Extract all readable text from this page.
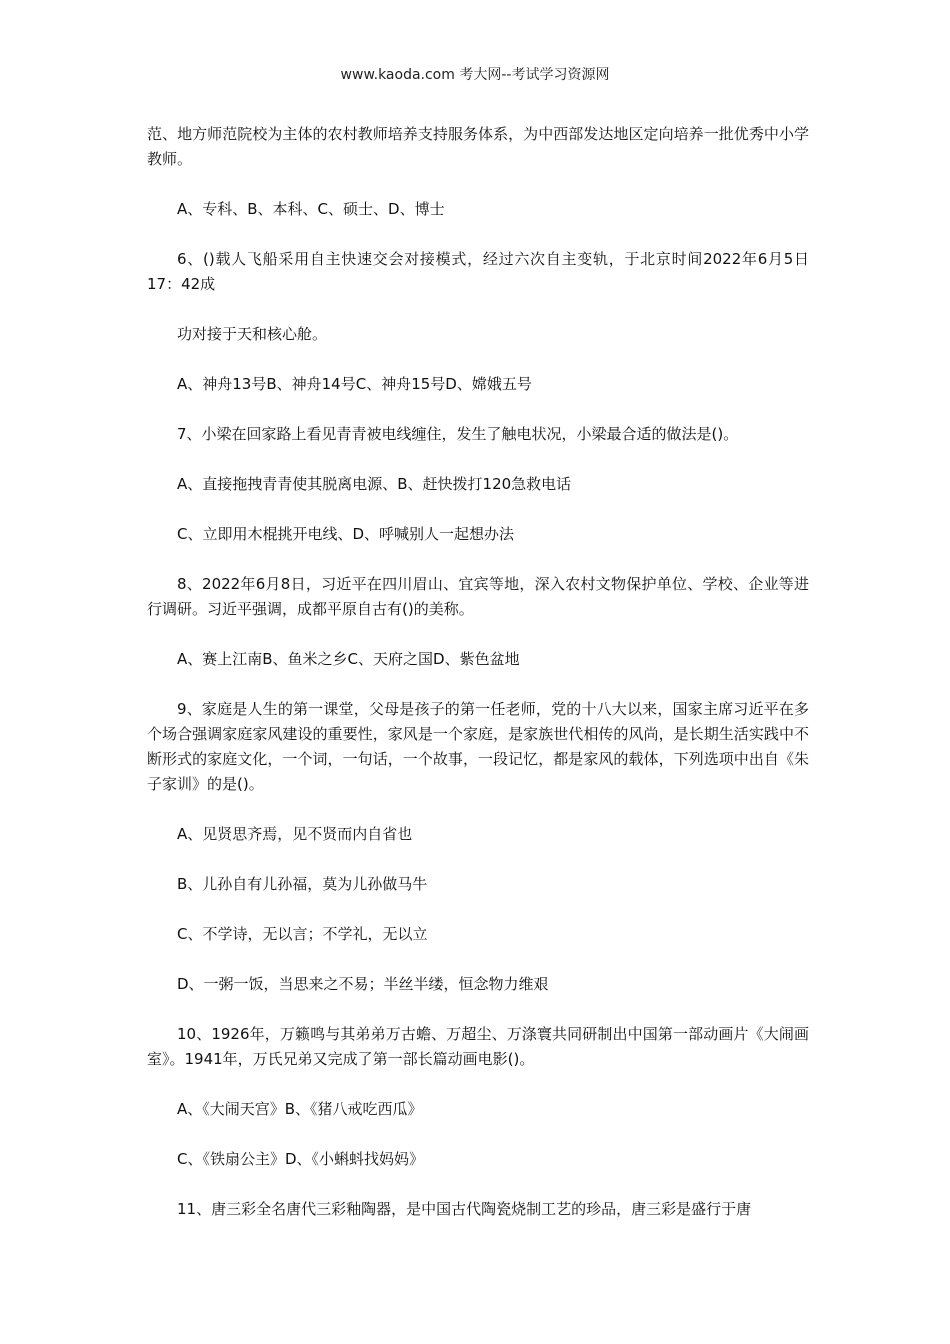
www.kaoda.com 考大网--考试学习资源网

范、地方师范院校为主体的农村教师培养支持服务体系，为中西部发达地区定向培养一批优秀中小学教师。

A、专科、B、本科、C、硕士、D、博士

6、()载人飞船采用自主快速交会对接模式，经过六次自主变轨，于北京时间2022年6月5日17：42成

功对接于天和核心舱。

A、神舟13号B、神舟14号C、神舟15号D、嫦娥五号

7、小梁在回家路上看见青青被电线缠住，发生了触电状况，小梁最合适的做法是()。

A、直接拖拽青青使其脱离电源、B、赶快拨打120急救电话

C、立即用木棍挑开电线、D、呼喊别人一起想办法

8、2022年6月8日，习近平在四川眉山、宜宾等地，深入农村文物保护单位、学校、企业等进行调研。习近平强调，成都平原自古有()的美称。

A、赛上江南B、鱼米之乡C、天府之国D、紫色盆地

9、家庭是人生的第一课堂，父母是孩子的第一任老师，党的十八大以来，国家主席习近平在多个场合强调家庭家风建设的重要性，家风是一个家庭，是家族世代相传的风尚，是长期生活实践中不断形式的家庭文化，一个词，一句话，一个故事，一段记忆，都是家风的载体，下列选项中出自《朱子家训》的是()。

A、见贤思齐焉，见不贤而内自省也

B、儿孙自有儿孙福，莫为儿孙做马牛

C、不学诗，无以言；不学礼，无以立

D、一粥一饭，当思来之不易；半丝半缕，恒念物力维艰

10、1926年，万籁鸣与其弟弟万古蟾、万超尘、万涤寰共同研制出中国第一部动画片《大闹画室》。1941年，万氏兄弟又完成了第一部长篇动画电影()。

A、《大闹天宫》B、《猪八戒吃西瓜》

C、《铁扇公主》D、《小蝌蚪找妈妈》

11、唐三彩全名唐代三彩釉陶器，是中国古代陶瓷烧制工艺的珍品，唐三彩是盛行于唐
